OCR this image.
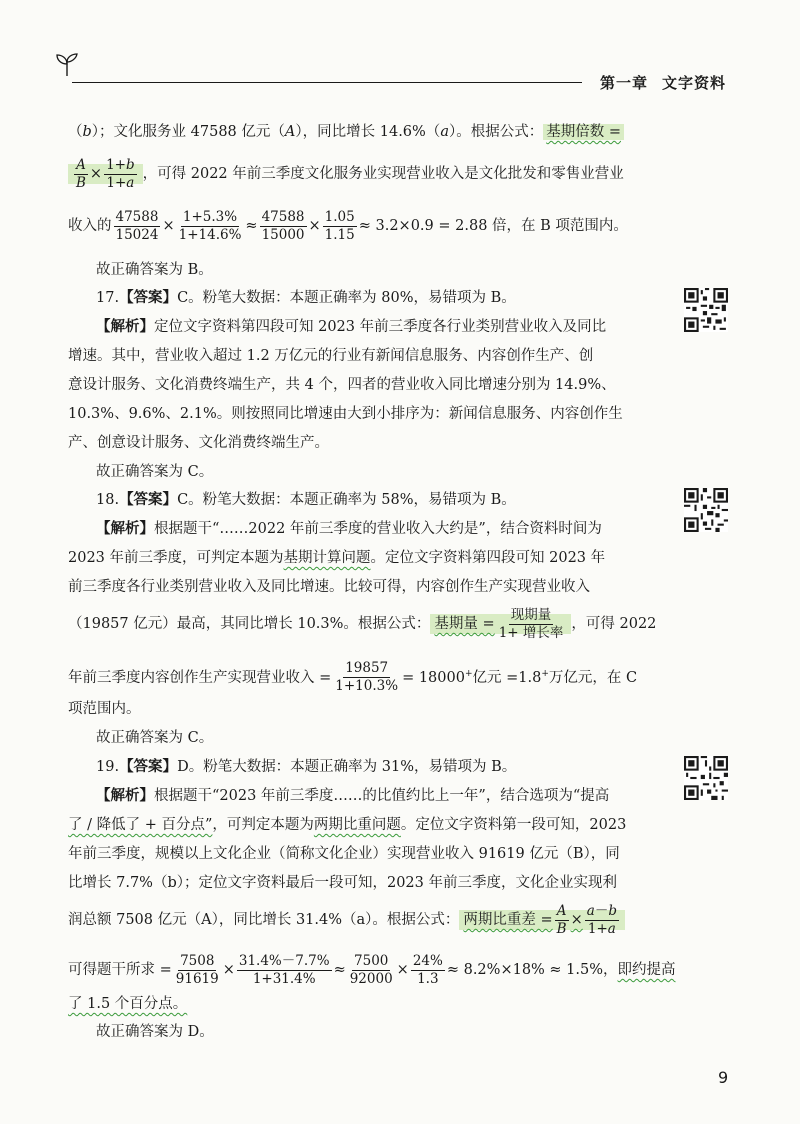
第一章 文字资料
（b）；文化服务业 47588 亿元（A），同比增长 14.6%（a）。根据公式： 基期倍数 =
$\frac{A}{B} \times \frac{1+b}{1+a}$ ，可得 2022 年前三季度文化服务业实现营业收入是文化批发和零售业营业
收入的 $\frac{47588}{15024} \times \frac{1+5.3\%}{1+14.6\%} \approx \frac{47588}{15000} \times \frac{1.05}{1.15} \approx 3.2\times 0.9 = 2.88$ 倍，在 B 项范围内。
故正确答案为 B。
17.【答案】C。粉笔大数据：本题正确率为 80%，易错项为 B。
【解析】定位文字资料第四段可知 2023 年前三季度各行业类别营业收入及同比
增速。其中，营业收入超过 1.2 万亿元的行业有新闻信息服务、内容创作生产、创
意设计服务、文化消费终端生产，共 4 个，四者的营业收入同比增速分别为 14.9%、
10.3%、9.6%、2.1%。则按照同比增速由大到小排序为：新闻信息服务、内容创作生
产、创意设计服务、文化消费终端生产。
故正确答案为 C。
18.【答案】C。粉笔大数据：本题正确率为 58%，易错项为 B。
【解析】根据题干“……2022 年前三季度的营业收入大约是”，结合资料时间为
2023 年前三季度，可判定本题为基期计算问题。定位文字资料第四段可知 2023 年
前三季度各行业类别营业收入及同比增速。比较可得，内容创作生产实现营业收入
（19857 亿元）最高，其同比增长 10.3%。根据公式： 基期量 = $\frac{\text{现期量}}{\text{1+ 增长率}}$ ，可得 2022
年前三季度内容创作生产实现营业收入 = $\frac{19857}{1+10.3\%} = 18000^+$亿元 =1.8+万亿元，在 C
项范围内。
故正确答案为 C。
19.【答案】D。粉笔大数据：本题正确率为 31%，易错项为 B。
【解析】根据题干“2023 年前三季度……的比值约比上一年”，结合选项为“提高
了 / 降低了 + 百分点”，可判定本题为两期比重问题。定位文字资料第一段可知，2023
年前三季度，规模以上文化企业（简称文化企业）实现营业收入 91619 亿元（B），同
比增长 7.7%（b）；定位文字资料最后一段可知，2023 年前三季度，文化企业实现利
润总额 7508 亿元（A），同比增长 31.4%（a）。根据公式： 两期比重差 = $\frac{A}{B} \times \frac{a-b}{1+a}$
可得题干所求 = $\frac{7508}{91619} \times \frac{31.4\%-7.7\%}{1+31.4\%} \approx \frac{7500}{92000} \times \frac{24\%}{1.3} \approx 8.2\%\times 18\% \approx 1.5\%$，即约提高
了 1.5 个百分点。
故正确答案为 D。
9
